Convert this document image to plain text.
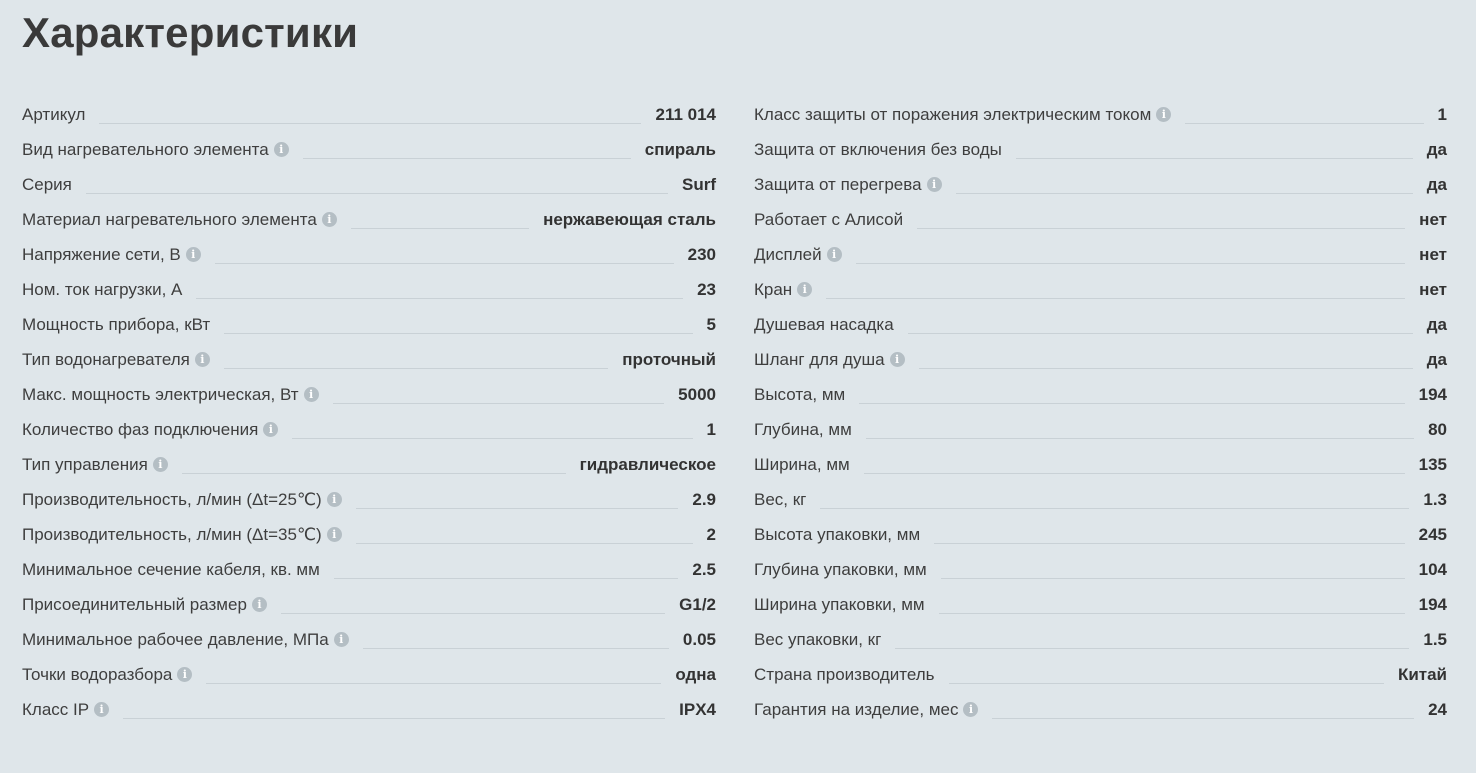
Характеристики
Артикул	211 014
Вид нагревательного элемента i	спираль
Серия	Surf
Материал нагревательного элемента i	нержавеющая сталь
Напряжение сети, В i	230
Ном. ток нагрузки, А	23
Мощность прибора, кВт	5
Тип водонагревателя i	проточный
Макс. мощность электрическая, Вт i	5000
Количество фаз подключения i	1
Тип управления i	гидравлическое
Производительность, л/мин (Δt=25℃) i	2.9
Производительность, л/мин (Δt=35℃) i	2
Минимальное сечение кабеля, кв. мм	2.5
Присоединительный размер i	G1/2
Минимальное рабочее давление, МПа i	0.05
Точки водоразбора i	одна
Класс IP i	IPX4
Класс защиты от поражения электрическим током i	1
Защита от включения без воды	да
Защита от перегрева i	да
Работает с Алисой	нет
Дисплей i	нет
Кран i	нет
Душевая насадка	да
Шланг для душа i	да
Высота, мм	194
Глубина, мм	80
Ширина, мм	135
Вес, кг	1.3
Высота упаковки, мм	245
Глубина упаковки, мм	104
Ширина упаковки, мм	194
Вес упаковки, кг	1.5
Страна производитель	Китай
Гарантия на изделие, мес i	24
